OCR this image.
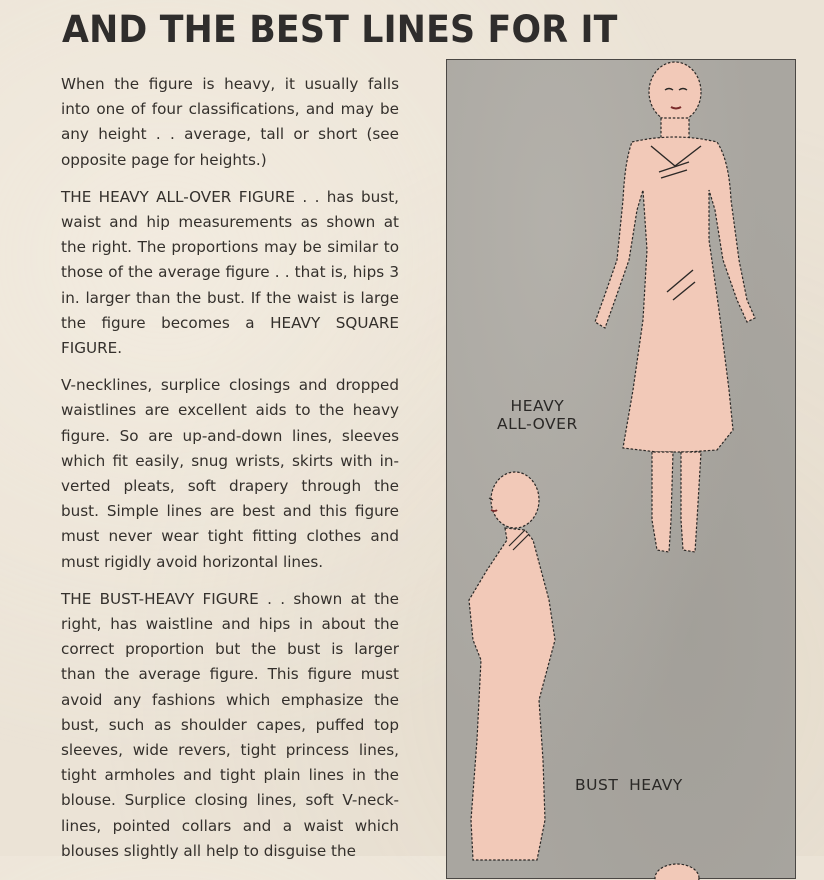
AND THE BEST LINES FOR IT

When the figure is heavy, it usually falls into one of four classifications, and may be any height . . average, tall or short (see opposite page for heights.)

THE HEAVY ALL-OVER FIGURE . . has bust, waist and hip measurements as shown at the right. The proportions may be similar to those of the average figure . . that is, hips 3 in. larger than the bust. If the waist is large the figure becomes a HEAVY SQUARE FIGURE.

V-necklines, surplice closings and dropped waistlines are excellent aids to the heavy figure. So are up-and-down lines, sleeves which fit easily, snug wrists, skirts with in-verted pleats, soft drapery through the bust. Simple lines are best and this figure must never wear tight fitting clothes and must rigidly avoid horizontal lines.

THE BUST-HEAVY FIGURE . . shown at the right, has waistline and hips in about the correct proportion but the bust is larger than the average figure. This figure must avoid any fashions which emphasize the bust, such as shoulder capes, puffed top sleeves, wide revers, tight princess lines, tight armholes and tight plain lines in the blouse. Surplice closing lines, soft V-neck-lines, pointed collars and a waist which blouses slightly all help to disguise the

HEAVY
ALL-OVER
BUST  HEAVY
